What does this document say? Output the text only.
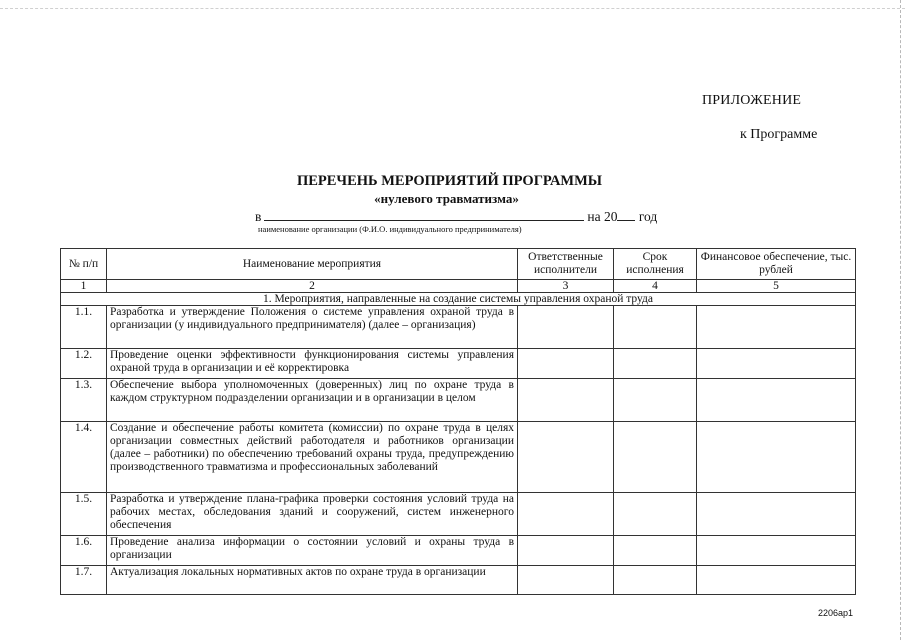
ПРИЛОЖЕНИЕ
к Программе
ПЕРЕЧЕНЬ МЕРОПРИЯТИЙ ПРОГРАММЫ
«нулевого травматизма»
в	на 20 год
наименование организации (Ф.И.О. индивидуального предпринимателя)
№ п/п	Наименование мероприятия	Ответственные исполнители	Срок исполнения	Финансовое обеспечение, тыс. рублей
1	2	3	4	5
1. Мероприятия, направленные на создание системы управления охраной труда				
1.1.	Разработка и утверждение Положения о системе управления охраной труда в организации (у индивидуального предпринимателя) (далее – организация)			
1.2.	Проведение оценки эффективности функционирования системы управления охраной труда в организации и её корректировка			
1.3.	Обеспечение выбора уполномоченных (доверенных) лиц по охране труда в каждом структурном подразделении организации и в организации в целом			
1.4.	Создание и обеспечение работы комитета (комиссии) по охране труда в целях организации совместных действий работодателя и работников организации (далее – работники) по обеспечению требований охраны труда, предупреждению производственного травматизма и профессиональных заболеваний			
1.5.	Разработка и утверждение плана-графика проверки состояния условий труда на рабочих местах, обследования зданий и сооружений, систем инженерного обеспечения			
1.6.	Проведение анализа информации о состоянии условий и охраны труда в организации			
1.7.	Актуализация локальных нормативных актов по охране труда в организации			
2206ap1
